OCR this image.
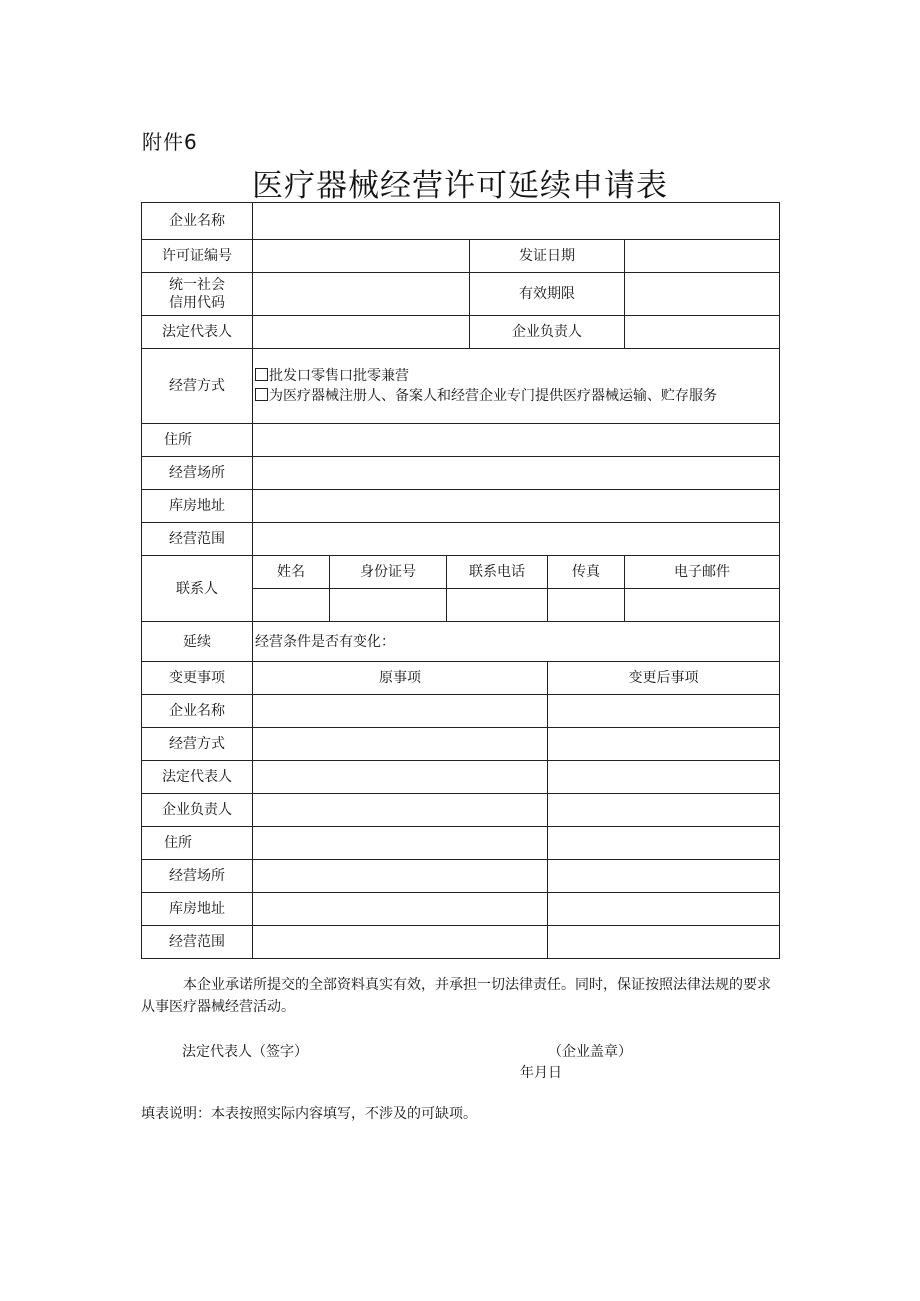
附件6
医疗器械经营许可延续申请表
企业名称						
许可证编号				发证日期		

统一社会
信用代码				有效期限		
法定代表人				企业负责人		
经营方式	批发口零售口批零兼营
为医疗器械注册人、备案人和经营企业专门提供医疗器械运输、贮存服务					

住所						
经营场所						
库房地址						
经营范围						
联系人	姓名	身份证号	联系电话		传真	电子邮件

延续	经营条件是否有变化：					
变更事项	原事项				变更后事项	
企业名称						
经营方式						
法定代表人						
企业负责人						
住所						
经营场所						
库房地址						
经营范围						
本企业承诺所提交的全部资料真实有效，并承担一切法律责任。同时，保证按照法律法规的要求从事医疗器械经营活动。
法定代表人（签字）	（企业盖章）
年月日
填表说明：本表按照实际内容填写，不涉及的可缺项。
